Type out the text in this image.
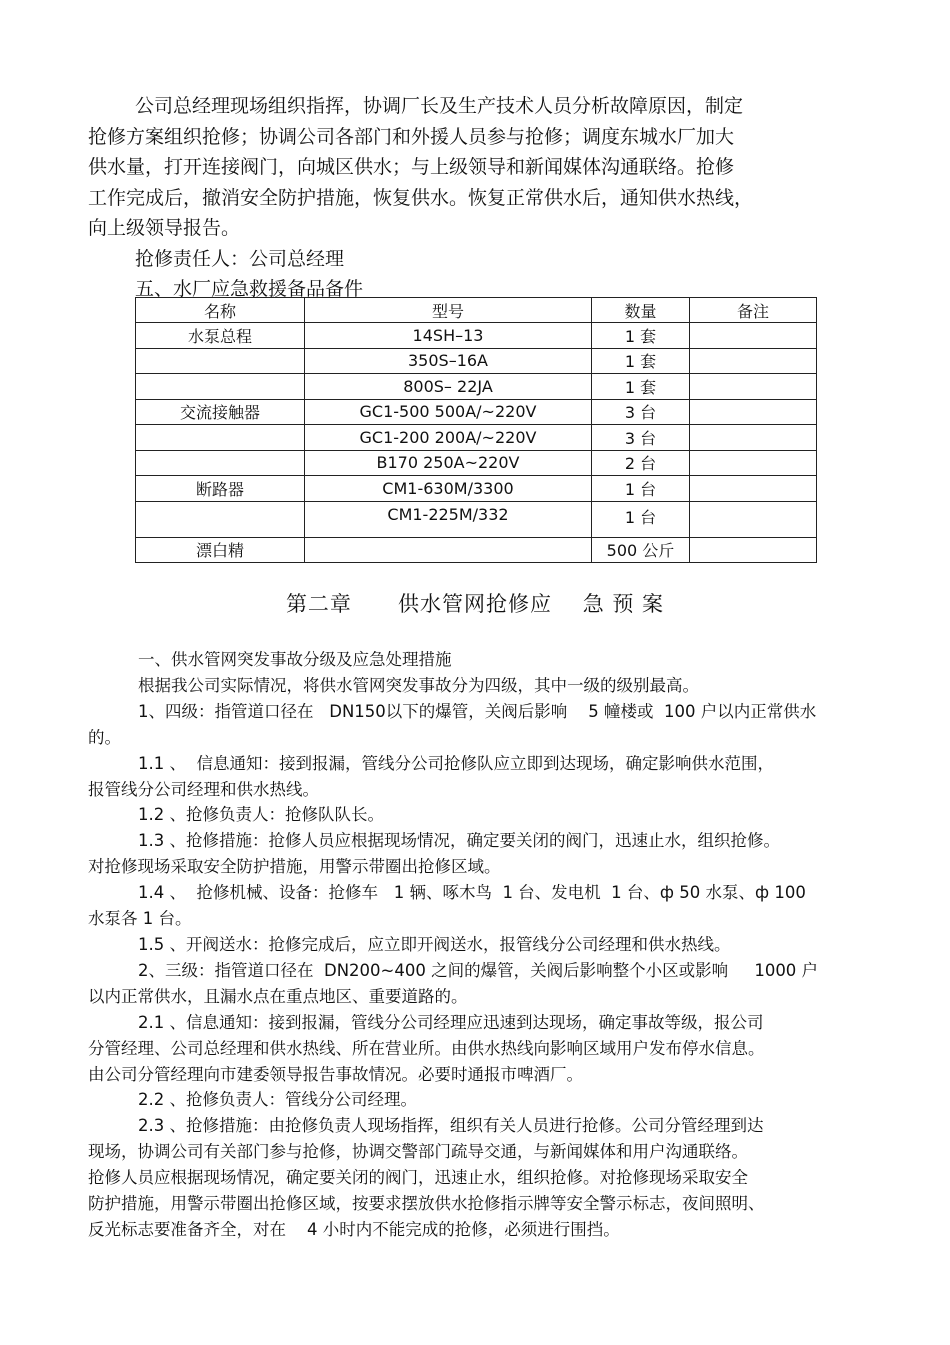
公司总经理现场组织指挥，协调厂长及生产技术人员分析故障原因，制定
抢修方案组织抢修；协调公司各部门和外援人员参与抢修；调度东城水厂加大
供水量，打开连接阀门，向城区供水；与上级领导和新闻媒体沟通联络。抢修
工作完成后，撤消安全防护措施，恢复供水。恢复正常供水后，通知供水热线，
向上级领导报告。
抢修责任人：公司总经理
五、水厂应急救援备品备件
名称	型号	数量	备注
水泵总程	14SH–13	1 套	
	350S–16A	1 套	
	800S– 22JA	1 套	
交流接触器	GC1-500 500A/~220V	3 台	
	GC1-200 200A/~220V	3 台	
	B170 250A~220V	2 台	
断路器	CM1-630M/3300	1 台	
	CM1-225M/332	1 台	
漂白精		500 公斤	
第二章      供水管网抢修应    急 预 案
一、供水管网突发事故分级及应急处理措施
根据我公司实际情况，将供水管网突发事故分为四级，其中一级的级别最高。
1、四级：指管道口径在   DN150以下的爆管，关阀后影响    5 幢楼或  100 户以内正常供水
的。
1.1 、  信息通知：接到报漏，管线分公司抢修队应立即到达现场，确定影响供水范围，
报管线分公司经理和供水热线。
1.2 、抢修负责人：抢修队队长。
1.3 、抢修措施：抢修人员应根据现场情况，确定要关闭的阀门，迅速止水，组织抢修。
对抢修现场采取安全防护措施，用警示带圈出抢修区域。
1.4 、  抢修机械、设备：抢修车   1 辆、啄木鸟  1 台、发电机  1 台、ф 50 水泵、ф 100
水泵各 1 台。
1.5 、开阀送水：抢修完成后，应立即开阀送水，报管线分公司经理和供水热线。
2、三级：指管道口径在  DN200~400 之间的爆管，关阀后影响整个小区或影响     1000 户
以内正常供水，且漏水点在重点地区、重要道路的。
2.1 、信息通知：接到报漏，管线分公司经理应迅速到达现场，确定事故等级，报公司
分管经理、公司总经理和供水热线、所在营业所。由供水热线向影响区域用户发布停水信息。
由公司分管经理向市建委领导报告事故情况。必要时通报市啤酒厂。
2.2 、抢修负责人：管线分公司经理。
2.3 、抢修措施：由抢修负责人现场指挥，组织有关人员进行抢修。公司分管经理到达
现场，协调公司有关部门参与抢修，协调交警部门疏导交通，与新闻媒体和用户沟通联络。
抢修人员应根据现场情况，确定要关闭的阀门，迅速止水，组织抢修。对抢修现场采取安全
防护措施，用警示带圈出抢修区域，按要求摆放供水抢修指示牌等安全警示标志，夜间照明、
反光标志要准备齐全，对在    4 小时内不能完成的抢修，必须进行围挡。
